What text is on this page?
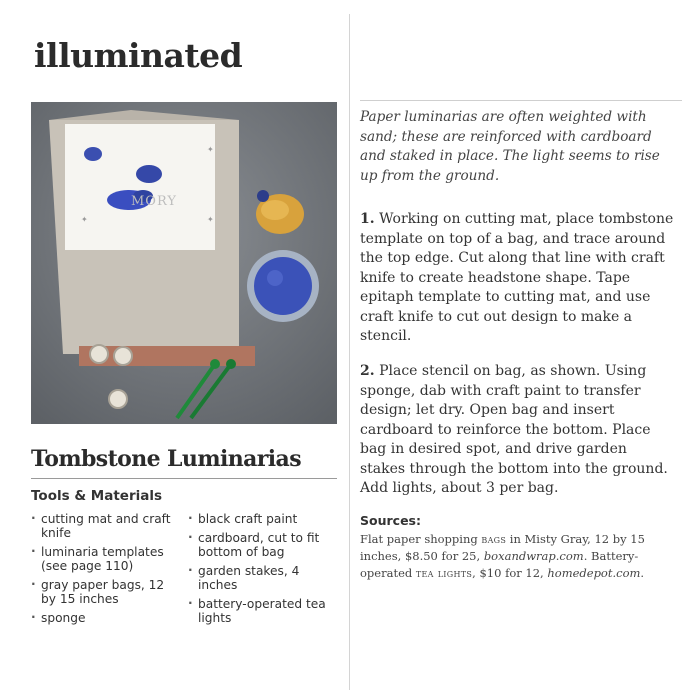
illuminated
MORY
✦	✦
✦
Tombstone Luminarias
Tools & Materials
· cutting mat and craft knife
· luminaria templates (see page 110)
· gray paper bags, 12 by 15 inches
· sponge
· black craft paint
· cardboard, cut to fit bottom of bag
· garden stakes, 4 inches
· battery-operated tea lights

Paper luminarias are often weighted with sand; these are reinforced with cardboard and staked in place. The light seems to rise up from the ground.

1. Working on cutting mat, place tombstone template on top of a bag, and trace around the top edge. Cut along that line with craft knife to create headstone shape. Tape epitaph template to cutting mat, and use craft knife to cut out design to make a stencil.

2. Place stencil on bag, as shown. Using sponge, dab with craft paint to transfer design; let dry. Open bag and insert cardboard to reinforce the bottom. Place bag in desired spot, and drive garden stakes through the bottom into the ground. Add lights, about 3 per bag.

Sources:

Flat paper shopping bags in Misty Gray, 12 by 15 inches, $8.50 for 25, boxandwrap.com. Battery-operated tea lights, $10 for 12, homedepot.com.
